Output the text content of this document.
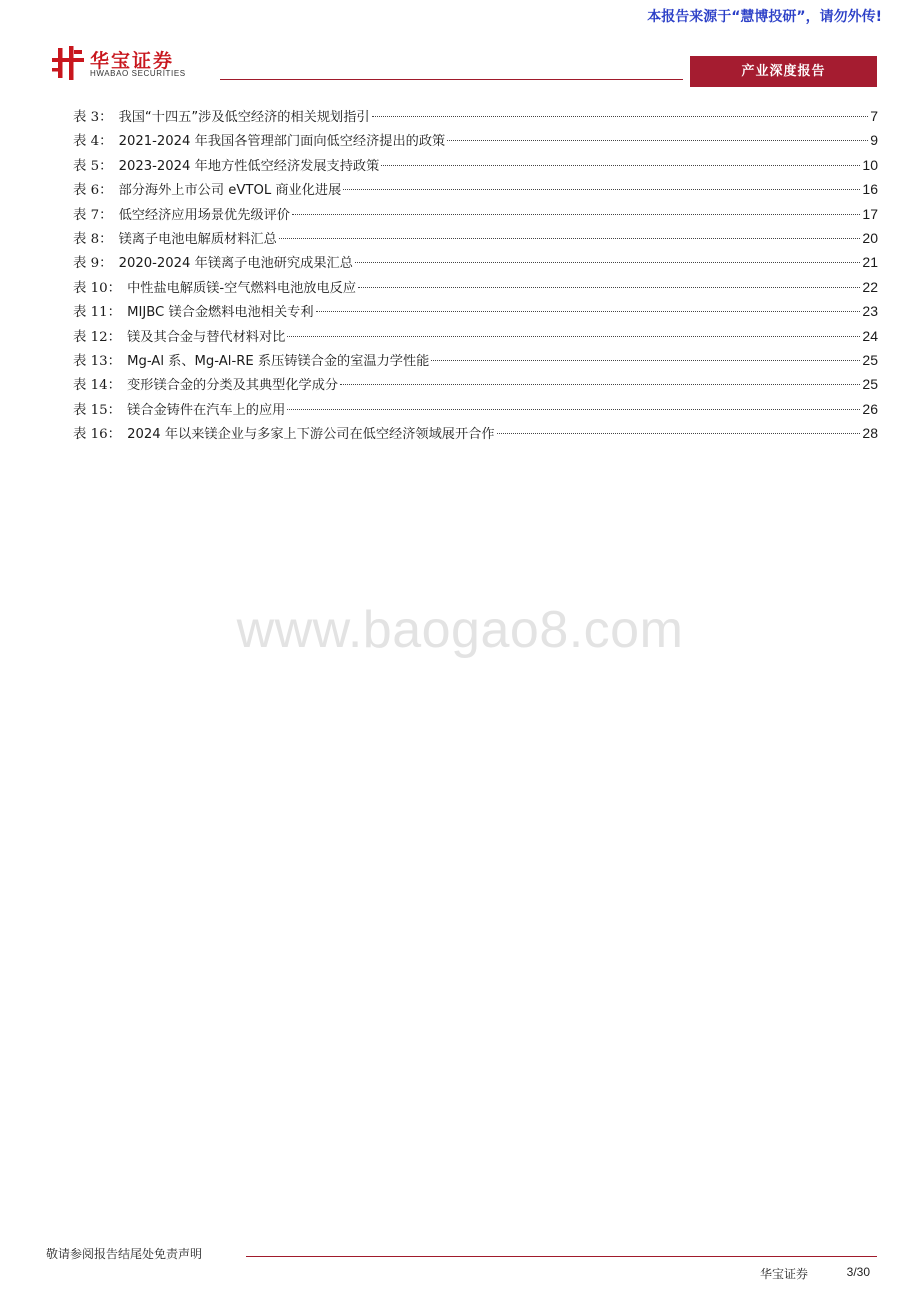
本报告来源于“慧博投研”，请勿外传!
华宝证券
HWABAO SECURITIES	产业深度报告
表 3： 我国“十四五”涉及低空经济的相关规划指引	7
表 4： 2021-2024 年我国各管理部门面向低空经济提出的政策	9
表 5： 2023-2024 年地方性低空经济发展支持政策	10
表 6： 部分海外上市公司 eVTOL 商业化进展	16
表 7： 低空经济应用场景优先级评价	17
表 8： 镁离子电池电解质材料汇总	20
表 9： 2020-2024 年镁离子电池研究成果汇总	21
表 10： 中性盐电解质镁-空气燃料电池放电反应	22
表 11： MIJBC 镁合金燃料电池相关专利	23
表 12： 镁及其合金与替代材料对比	24
表 13： Mg-Al 系、Mg-Al-RE 系压铸镁合金的室温力学性能	25
表 14： 变形镁合金的分类及其典型化学成分	25
表 15： 镁合金铸件在汽车上的应用	26
表 16： 2024 年以来镁企业与多家上下游公司在低空经济领域展开合作	28
www.baogao8.com
敬请参阅报告结尾处免责声明
华宝证券	3/30
